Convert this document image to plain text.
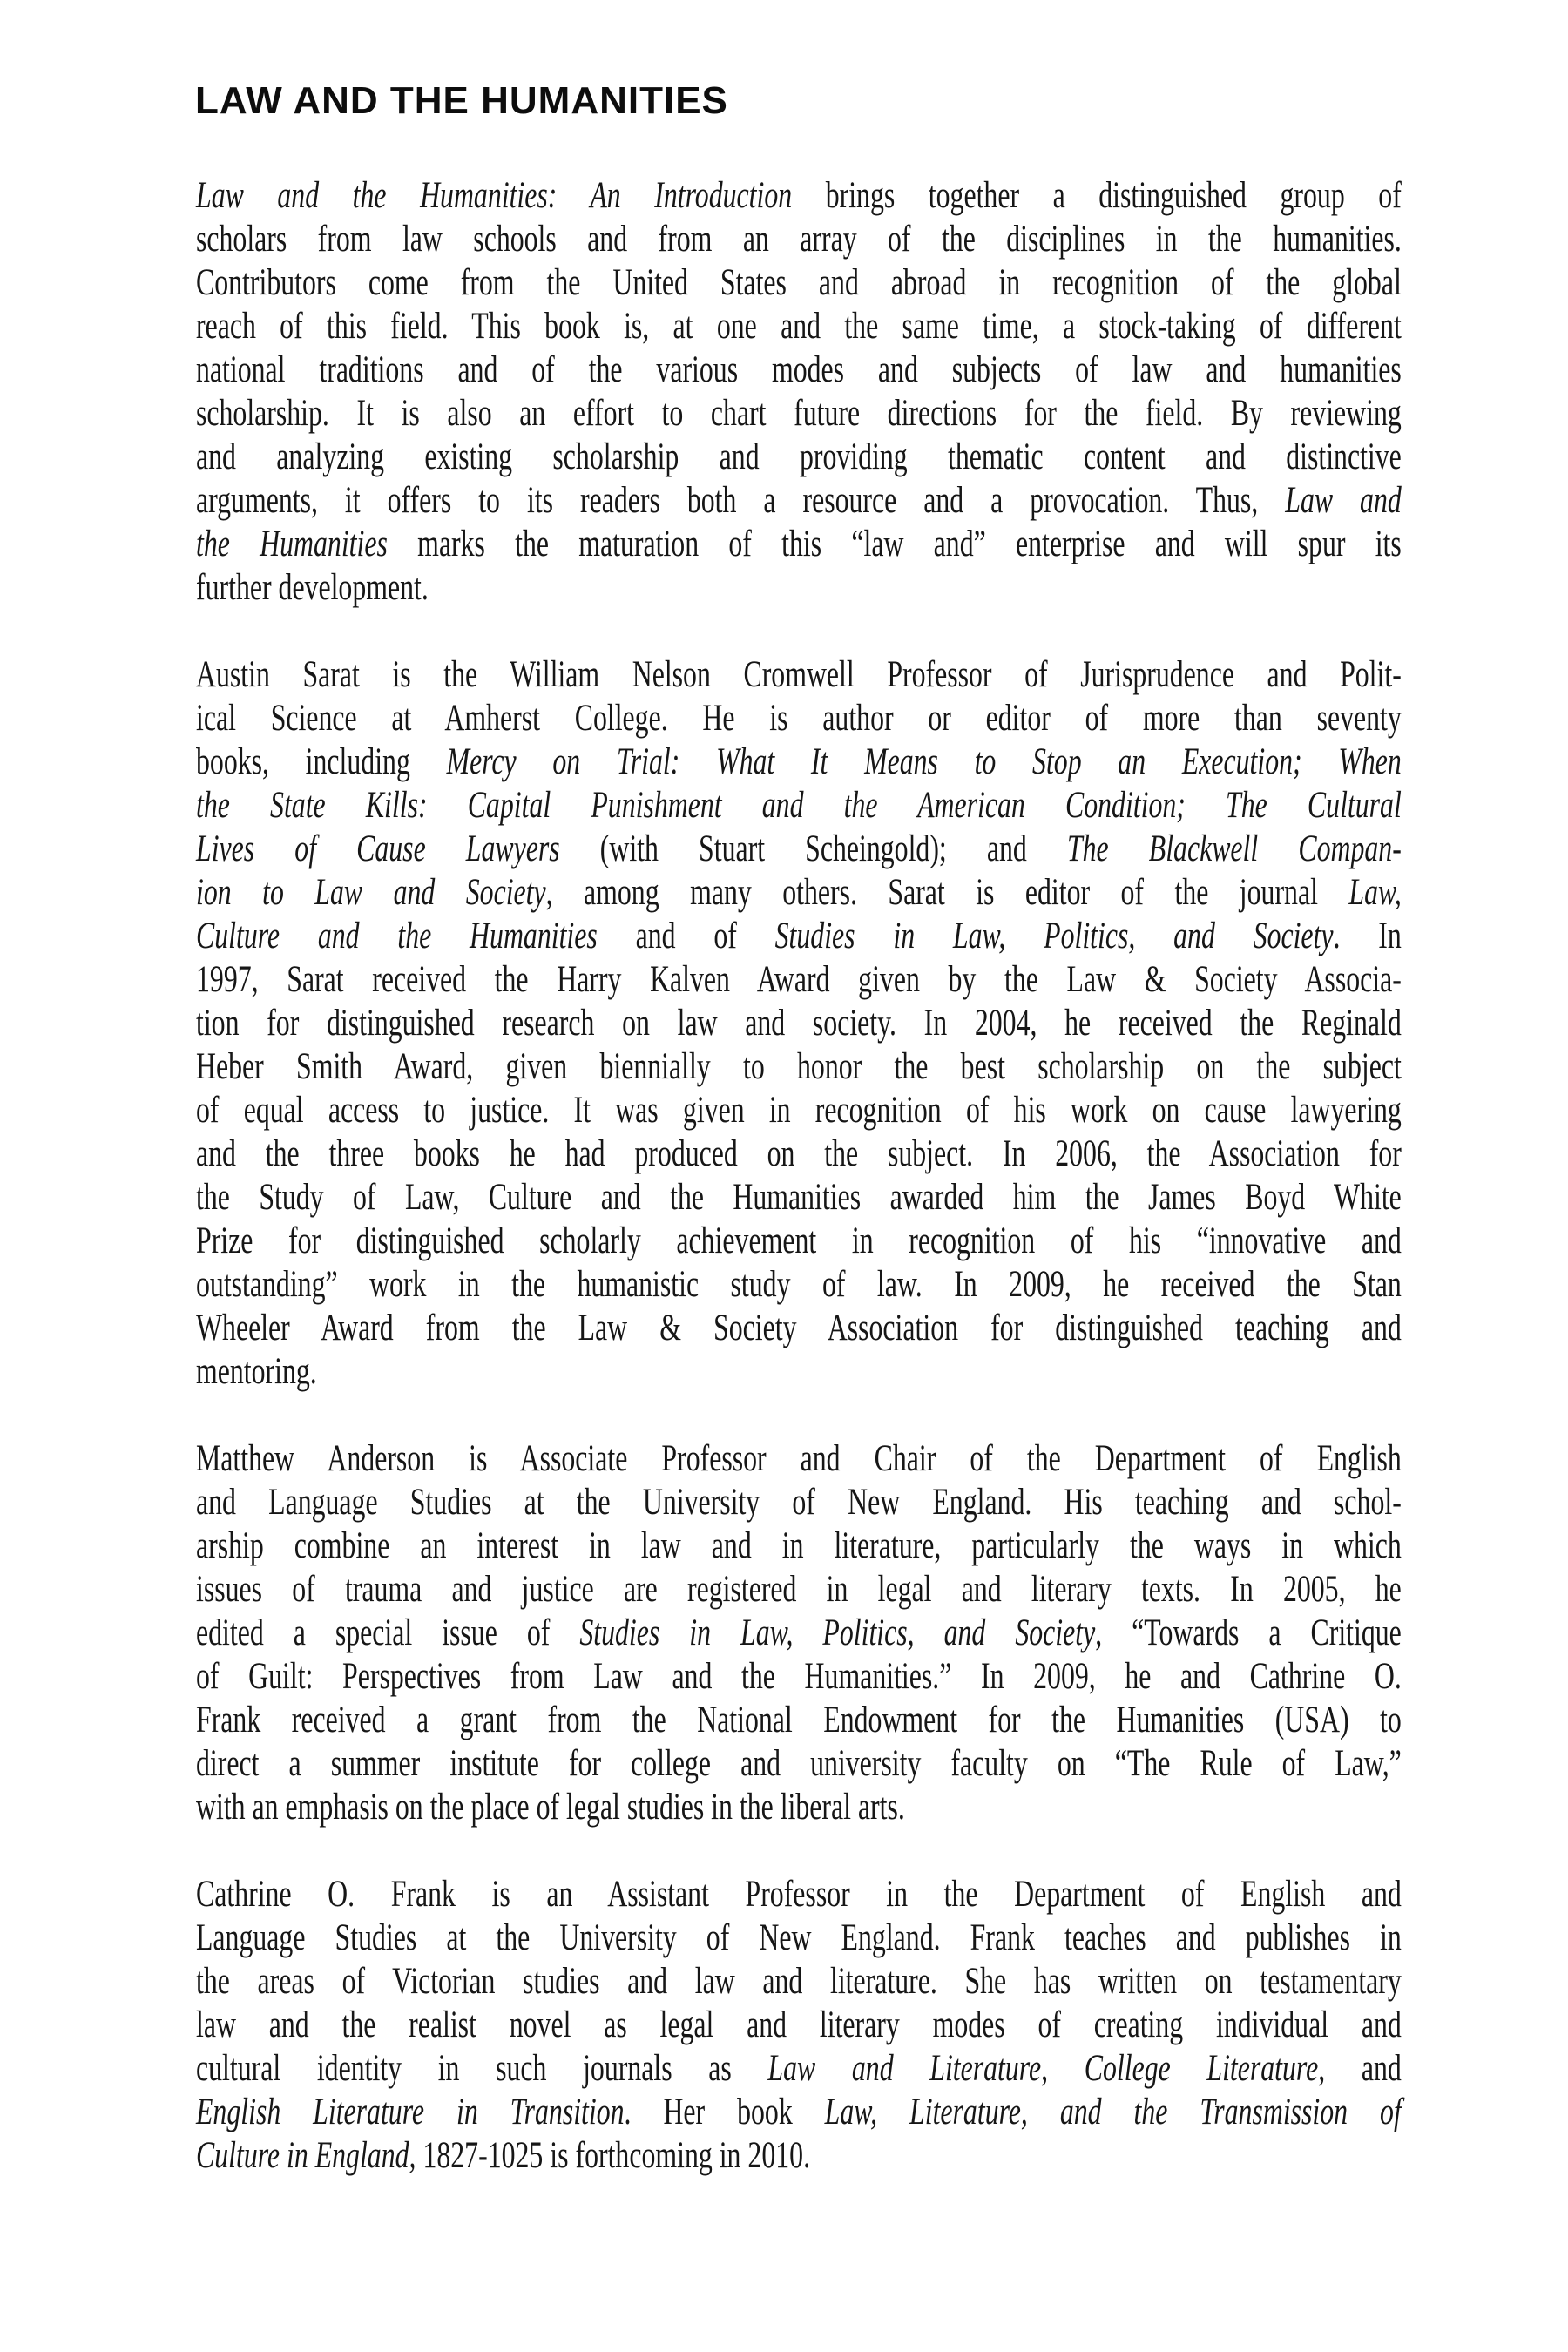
LAW AND THE HUMANITIES

Law and the Humanities: An Introduction brings together a distinguished group of
scholars from law schools and from an array of the disciplines in the humanities.
Contributors come from the United States and abroad in recognition of the global
reach of this field. This book is, at one and the same time, a stock-taking of different
national traditions and of the various modes and subjects of law and humanities
scholarship. It is also an effort to chart future directions for the field. By reviewing
and analyzing existing scholarship and providing thematic content and distinctive
arguments, it offers to its readers both a resource and a provocation. Thus, Law and
the Humanities marks the maturation of this “law and” enterprise and will spur its
further development.

Austin Sarat is the William Nelson Cromwell Professor of Jurisprudence and Polit-
ical Science at Amherst College. He is author or editor of more than seventy
books, including Mercy on Trial: What It Means to Stop an Execution; When
the State Kills: Capital Punishment and the American Condition; The Cultural
Lives of Cause Lawyers (with Stuart Scheingold); and The Blackwell Compan-
ion to Law and Society, among many others. Sarat is editor of the journal Law,
Culture and the Humanities and of Studies in Law, Politics, and Society. In
1997, Sarat received the Harry Kalven Award given by the Law & Society Associa-
tion for distinguished research on law and society. In 2004, he received the Reginald
Heber Smith Award, given biennially to honor the best scholarship on the subject
of equal access to justice. It was given in recognition of his work on cause lawyering
and the three books he had produced on the subject. In 2006, the Association for
the Study of Law, Culture and the Humanities awarded him the James Boyd White
Prize for distinguished scholarly achievement in recognition of his “innovative and
outstanding” work in the humanistic study of law. In 2009, he received the Stan
Wheeler Award from the Law & Society Association for distinguished teaching and
mentoring.

Matthew Anderson is Associate Professor and Chair of the Department of English
and Language Studies at the University of New England. His teaching and schol-
arship combine an interest in law and in literature, particularly the ways in which
issues of trauma and justice are registered in legal and literary texts. In 2005, he
edited a special issue of Studies in Law, Politics, and Society, “Towards a Critique
of Guilt: Perspectives from Law and the Humanities.” In 2009, he and Cathrine O.
Frank received a grant from the National Endowment for the Humanities (USA) to
direct a summer institute for college and university faculty on “The Rule of Law,”
with an emphasis on the place of legal studies in the liberal arts.

Cathrine O. Frank is an Assistant Professor in the Department of English and
Language Studies at the University of New England. Frank teaches and publishes in
the areas of Victorian studies and law and literature. She has written on testamentary
law and the realist novel as legal and literary modes of creating individual and
cultural identity in such journals as Law and Literature, College Literature, and
English Literature in Transition. Her book Law, Literature, and the Transmission of
Culture in England, 1827-1025 is forthcoming in 2010.
